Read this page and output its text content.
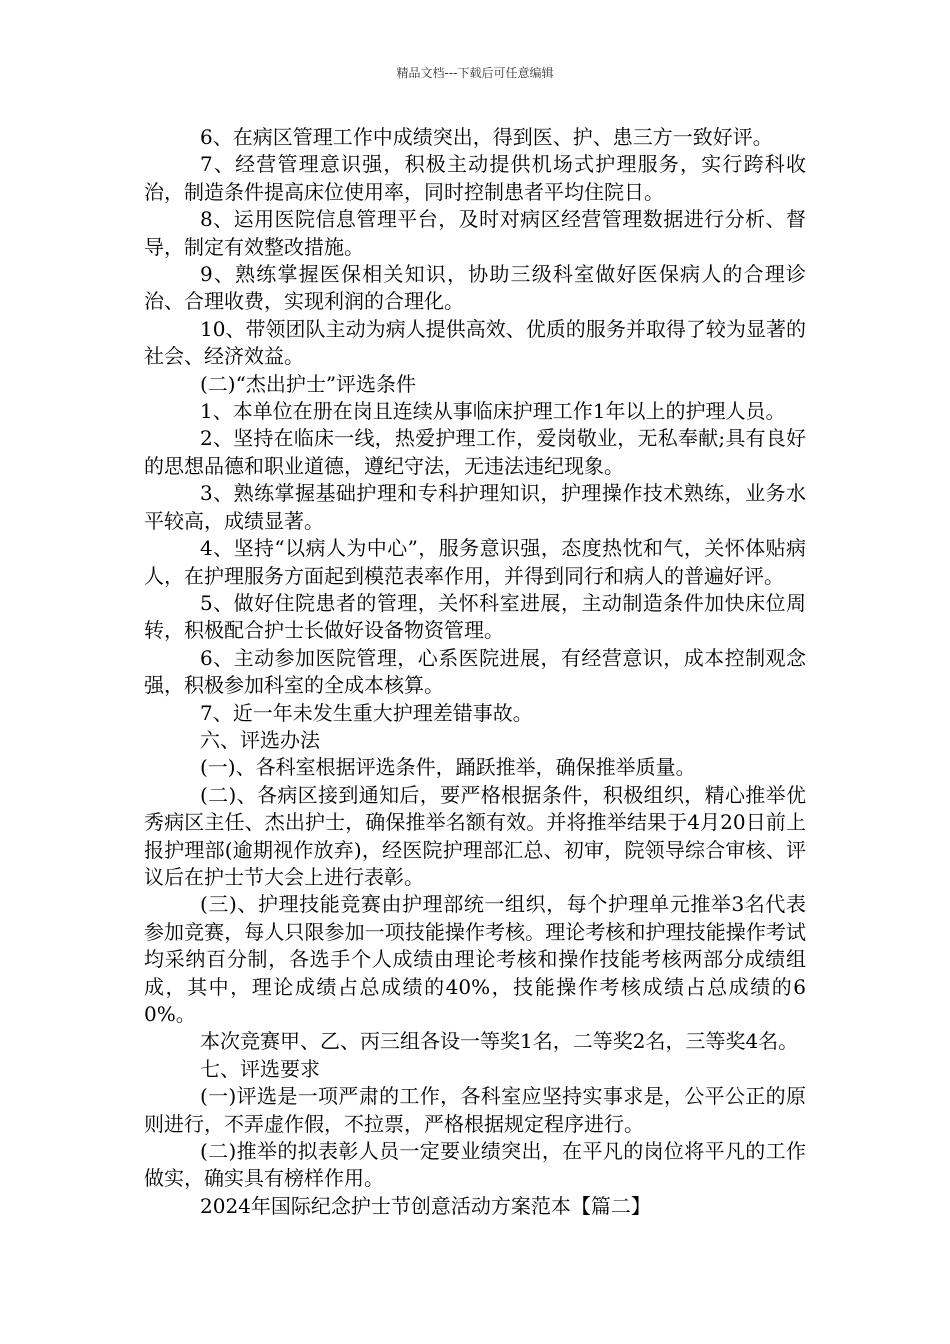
精品文档---下载后可任意编辑

6、在病区管理工作中成绩突出，得到医、护、患三方一致好评。

7、经营管理意识强，积极主动提供机场式护理服务，实行跨科收治，制造条件提高床位使用率，同时控制患者平均住院日。

8、运用医院信息管理平台，及时对病区经营管理数据进行分析、督导，制定有效整改措施。

9、熟练掌握医保相关知识，协助三级科室做好医保病人的合理诊治、合理收费，实现利润的合理化。

10、带领团队主动为病人提供高效、优质的服务并取得了较为显著的社会、经济效益。

(二)“杰出护士”评选条件

1、本单位在册在岗且连续从事临床护理工作1年以上的护理人员。

2、坚持在临床一线，热爱护理工作，爱岗敬业，无私奉献;具有良好的思想品德和职业道德，遵纪守法，无违法违纪现象。

3、熟练掌握基础护理和专科护理知识，护理操作技术熟练，业务水平较高，成绩显著。

4、坚持“以病人为中心”，服务意识强，态度热忱和气，关怀体贴病人，在护理服务方面起到模范表率作用，并得到同行和病人的普遍好评。

5、做好住院患者的管理，关怀科室进展，主动制造条件加快床位周转，积极配合护士长做好设备物资管理。

6、主动参加医院管理，心系医院进展，有经营意识，成本控制观念强，积极参加科室的全成本核算。

7、近一年未发生重大护理差错事故。

六、评选办法

(一)、各科室根据评选条件，踊跃推举，确保推举质量。

(二)、各病区接到通知后，要严格根据条件，积极组织，精心推举优秀病区主任、杰出护士，确保推举名额有效。并将推举结果于4月20日前上报护理部(逾期视作放弃)，经医院护理部汇总、初审，院领导综合审核、评议后在护士节大会上进行表彰。

(三)、护理技能竞赛由护理部统一组织，每个护理单元推举3名代表参加竞赛，每人只限参加一项技能操作考核。理论考核和护理技能操作考试均采纳百分制，各选手个人成绩由理论考核和操作技能考核两部分成绩组成，其中，理论成绩占总成绩的40%，技能操作考核成绩占总成绩的60%。

本次竞赛甲、乙、丙三组各设一等奖1名，二等奖2名，三等奖4名。

七、评选要求

(一)评选是一项严肃的工作，各科室应坚持实事求是，公平公正的原则进行，不弄虚作假，不拉票，严格根据规定程序进行。

(二)推举的拟表彰人员一定要业绩突出，在平凡的岗位将平凡的工作做实，确实具有榜样作用。

2024年国际纪念护士节创意活动方案范本【篇二】
